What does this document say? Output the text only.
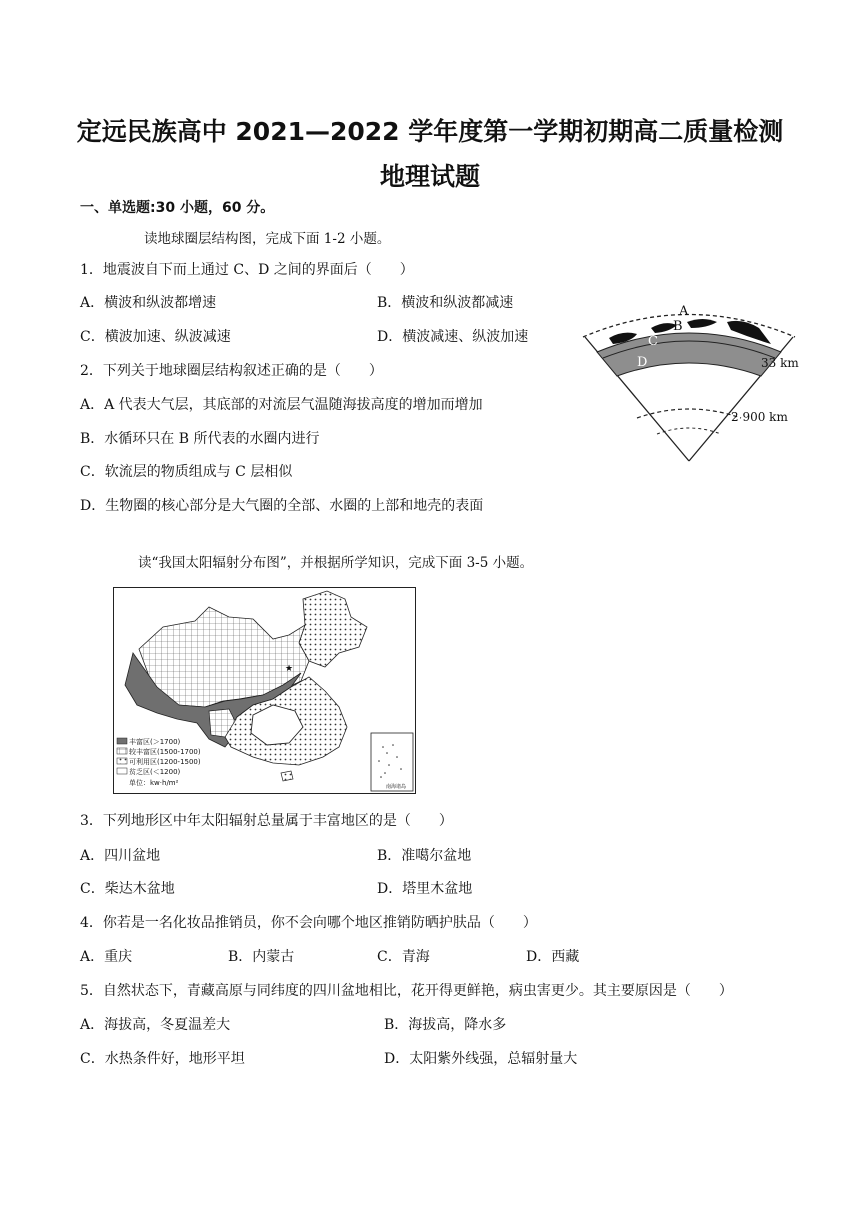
定远民族高中 2021—2022 学年度第一学期初期高二质量检测
地理试题
一、单选题:30 小题，60 分。
读地球圈层结构图，完成下面 1-2 小题。
1．地震波自下而上通过 C、D 之间的界面后（　　）
A．横波和纵波都增速	B．横波和纵波都减速
C．横波加速、纵波减速	D．横波减速、纵波加速
2．下列关于地球圈层结构叙述正确的是（　　）
A．A 代表大气层，其底部的对流层气温随海拔高度的增加而增加
B．水循环只在 B 所代表的水圈内进行
C．软流层的物质组成与 C 层相似
D．生物圈的核心部分是大气圈的全部、水圈的上部和地壳的表面
A
B
C
D	33 km
2 900 km
读“我国太阳辐射分布图”，并根据所学知识，完成下面 3-5 小题。
★
南海诸岛
丰富区(＞1700)
较丰富区(1500-1700)
可利用区(1200-1500)
贫乏区(＜1200)
单位：kw·h/m²
3．下列地形区中年太阳辐射总量属于丰富地区的是（　　）
A．四川盆地	B．准噶尔盆地
C．柴达木盆地	D．塔里木盆地
4．你若是一名化妆品推销员，你不会向哪个地区推销防晒护肤品（　　）
A．重庆	B．内蒙古	C．青海	D．西藏
5．自然状态下，青藏高原与同纬度的四川盆地相比，花开得更鲜艳，病虫害更少。其主要原因是（　　）
A．海拔高，冬夏温差大	B．海拔高，降水多
C．水热条件好，地形平坦	D．太阳紫外线强，总辐射量大
